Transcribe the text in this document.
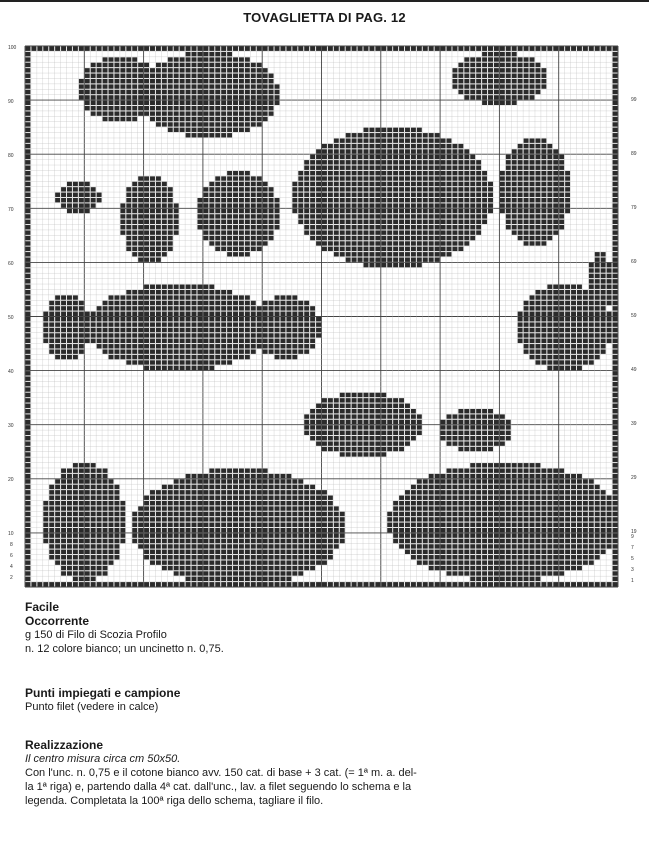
TOVAGLIETTA DI PAG. 12
100
90
80
70
60
50
40
30
20
10
8
6
4
2
99
89
79
69
59
49
39
29
19
9
7
5
3
1

Facile

Occorrente

g 150 di Filo di Scozia Profilo

n. 12 colore bianco; un uncinetto n. 0,75.

Punti impiegati e campione

Punto filet (vedere in calce)

Realizzazione

Il centro misura circa cm 50x50.

Con l'unc. n. 0,75 e il cotone bianco avv. 150 cat. di base + 3 cat. (= 1ª m. a. del-

la 1ª riga) e, partendo dalla 4ª cat. dall'unc., lav. a filet seguendo lo schema e la

legenda. Completata la 100ª riga dello schema, tagliare il filo.
